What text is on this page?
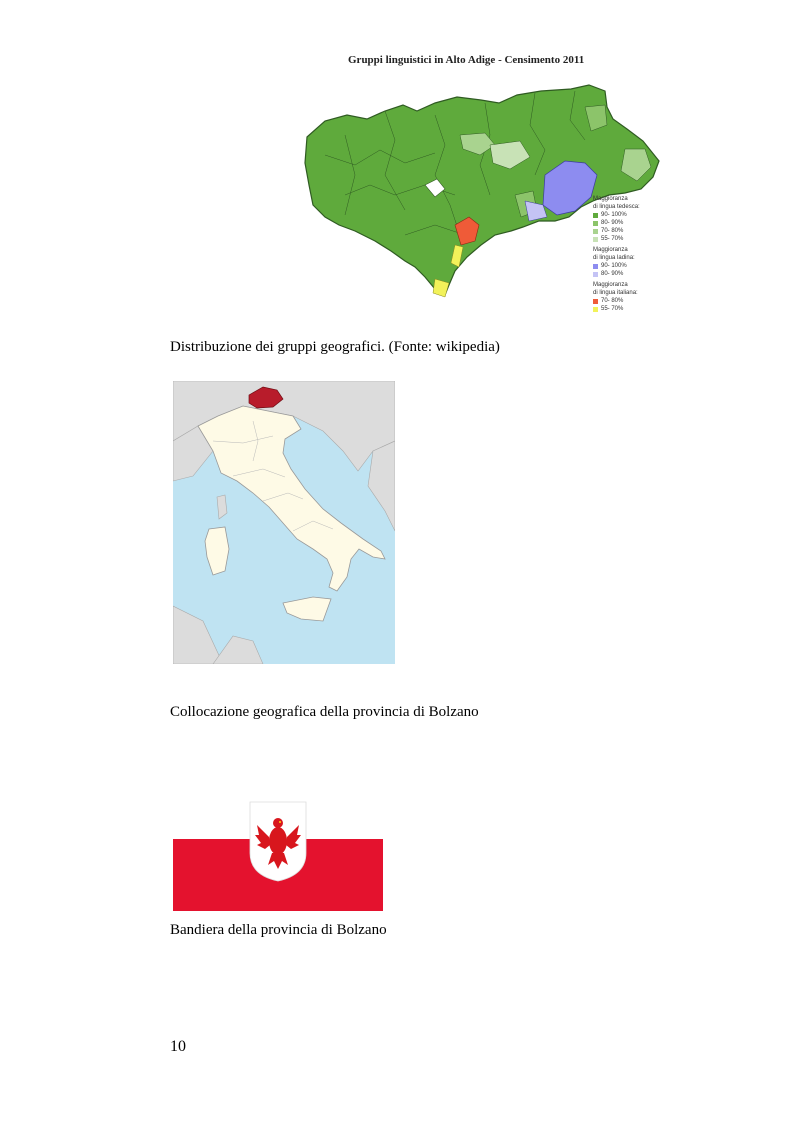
Gruppi linguistici in Alto Adige - Censimento 2011
Maggioranza
di lingua tedesca:
90- 100%
80- 90%
70- 80%
55- 70%
Maggioranza
di lingua ladina:
90- 100%
80- 90%
Maggioranza
di lingua italiana:
70- 80%
55- 70%
Distribuzione dei gruppi geografici. (Fonte: wikipedia)
Collocazione geografica della provincia di Bolzano
Bandiera della provincia di Bolzano
10
